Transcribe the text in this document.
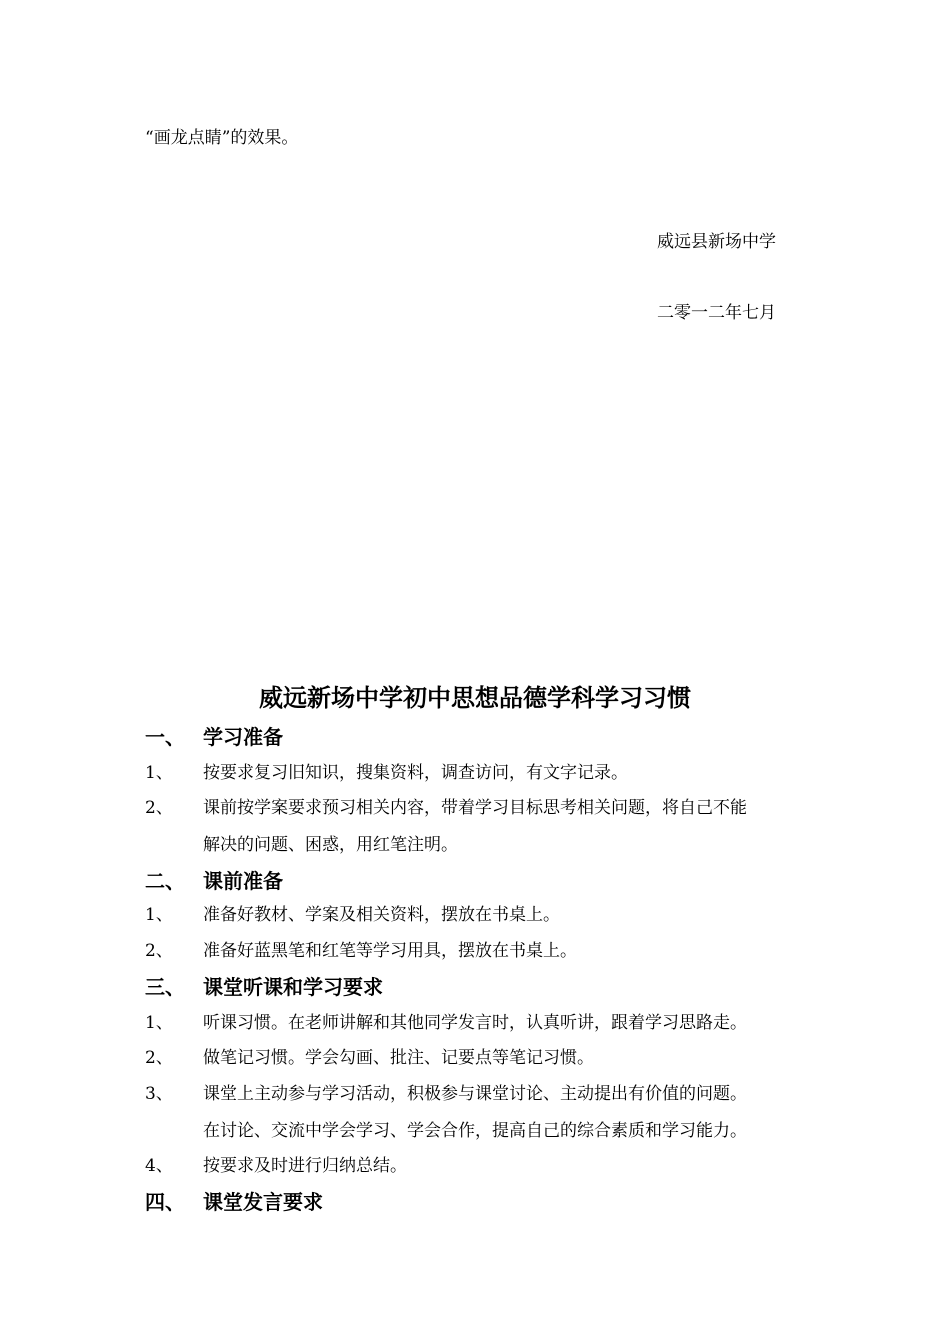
“画龙点睛”的效果。
威远县新场中学
二零一二年七月
威远新场中学初中思想品德学科学习习惯
一、 学习准备
1、 按要求复习旧知识，搜集资料，调查访问，有文字记录。
2、 课前按学案要求预习相关内容，带着学习目标思考相关问题，将自己不能
解决的问题、困惑，用红笔注明。
二、 课前准备
1、 准备好教材、学案及相关资料，摆放在书桌上。
2、 准备好蓝黑笔和红笔等学习用具，摆放在书桌上。
三、 课堂听课和学习要求
1、 听课习惯。在老师讲解和其他同学发言时，认真听讲，跟着学习思路走。
2、 做笔记习惯。学会勾画、批注、记要点等笔记习惯。
3、 课堂上主动参与学习活动，积极参与课堂讨论、主动提出有价值的问题。
在讨论、交流中学会学习、学会合作，提高自己的综合素质和学习能力。
4、 按要求及时进行归纳总结。
四、 课堂发言要求
